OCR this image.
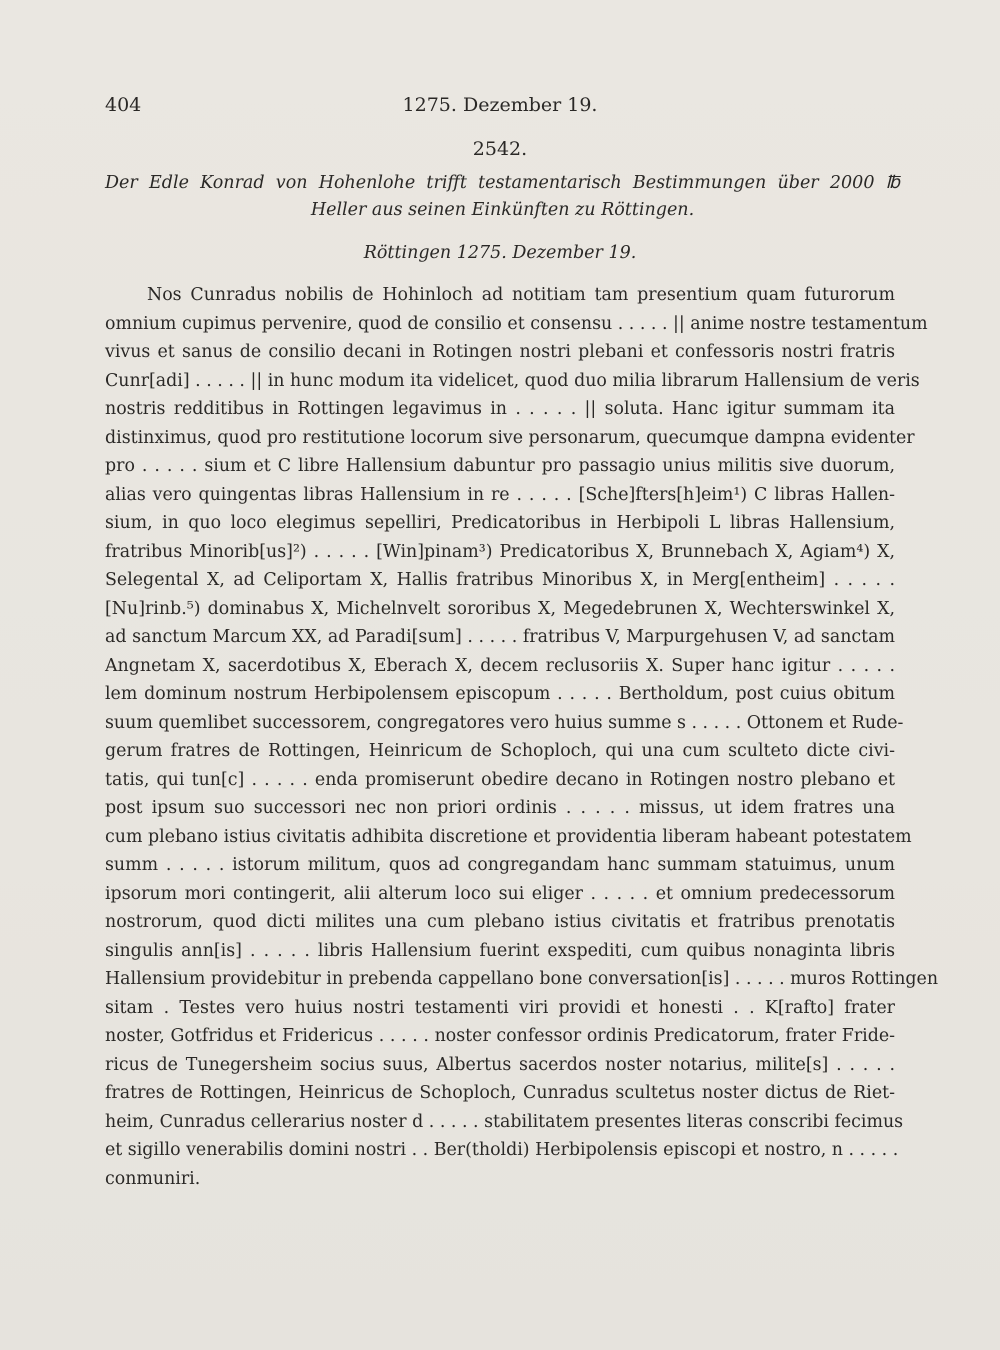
404	1275. Dezember 19.
2542.
Der Edle Konrad von Hohenlohe trifft testamentarisch Bestimmungen über 2000 ℔ Heller aus seinen Einkünften zu Röttingen.
Röttingen 1275. Dezember 19.
Nos Cunradus nobilis de Hohinloch ad notitiam tam presentium quam futurorum
omnium cupimus pervenire, quod de consilio et consensu . . . . . || anime nostre testamentum
vivus et sanus de consilio decani in Rotingen nostri plebani et confessoris nostri fratris
Cunr[adi] . . . . . || in hunc modum ita videlicet, quod duo milia librarum Hallensium de veris
nostris redditibus in Rottingen legavimus in . . . . . || soluta. Hanc igitur summam ita
distinximus, quod pro restitutione locorum sive personarum, quecumque dampna evidenter
pro . . . . . sium et C libre Hallensium dabuntur pro passagio unius militis sive duorum,
alias vero quingentas libras Hallensium in re . . . . . [Sche]fters[h]eim¹) C libras Hallen-
sium, in quo loco elegimus sepelliri, Predicatoribus in Herbipoli L libras Hallensium,
fratribus Minorib[us]²) . . . . . [Win]pinam³) Predicatoribus X, Brunnebach X, Agiam⁴) X,
Selegental X, ad Celiportam X, Hallis fratribus Minoribus X, in Merg[entheim] . . . . .
[Nu]rinb.⁵) dominabus X, Michelnvelt sororibus X, Megedebrunen X, Wechterswinkel X,
ad sanctum Marcum XX, ad Paradi[sum] . . . . . fratribus V, Marpurgehusen V, ad sanctam
Angnetam X, sacerdotibus X, Eberach X, decem reclusoriis X. Super hanc igitur . . . . .
lem dominum nostrum Herbipolensem episcopum . . . . . Bertholdum, post cuius obitum
suum quemlibet successorem, congregatores vero huius summe s . . . . . Ottonem et Rude-
gerum fratres de Rottingen, Heinricum de Schoploch, qui una cum sculteto dicte civi-
tatis, qui tun[c] . . . . . enda promiserunt obedire decano in Rotingen nostro plebano et
post ipsum suo successori nec non priori ordinis . . . . . missus, ut idem fratres una
cum plebano istius civitatis adhibita discretione et providentia liberam habeant potestatem
summ . . . . . istorum militum, quos ad congregandam hanc summam statuimus, unum
ipsorum mori contingerit, alii alterum loco sui eliger . . . . . et omnium predecessorum
nostrorum, quod dicti milites una cum plebano istius civitatis et fratribus prenotatis
singulis ann[is] . . . . . libris Hallensium fuerint exspediti, cum quibus nonaginta libris
Hallensium providebitur in prebenda cappellano bone conversation[is] . . . . . muros Rottingen
sitam . Testes vero huius nostri testamenti viri providi et honesti . . K[rafto] frater
noster, Gotfridus et Fridericus . . . . . noster confessor ordinis Predicatorum, frater Fride-
ricus de Tunegersheim socius suus, Albertus sacerdos noster notarius, milite[s] . . . . .
fratres de Rottingen, Heinricus de Schoploch, Cunradus scultetus noster dictus de Riet-
heim, Cunradus cellerarius noster d . . . . . stabilitatem presentes literas conscribi fecimus
et sigillo venerabilis domini nostri . . Ber(tholdi) Herbipolensis episcopi et nostro, n . . . . .
conmuniri.
